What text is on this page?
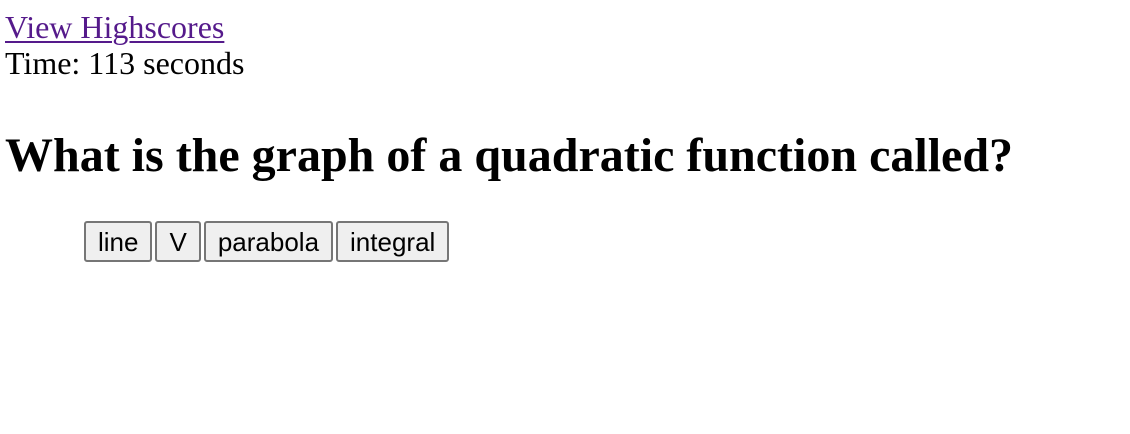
View Highscores
Time: 113 seconds
What is the graph of a quadratic function called?
line	V	parabola	integral
